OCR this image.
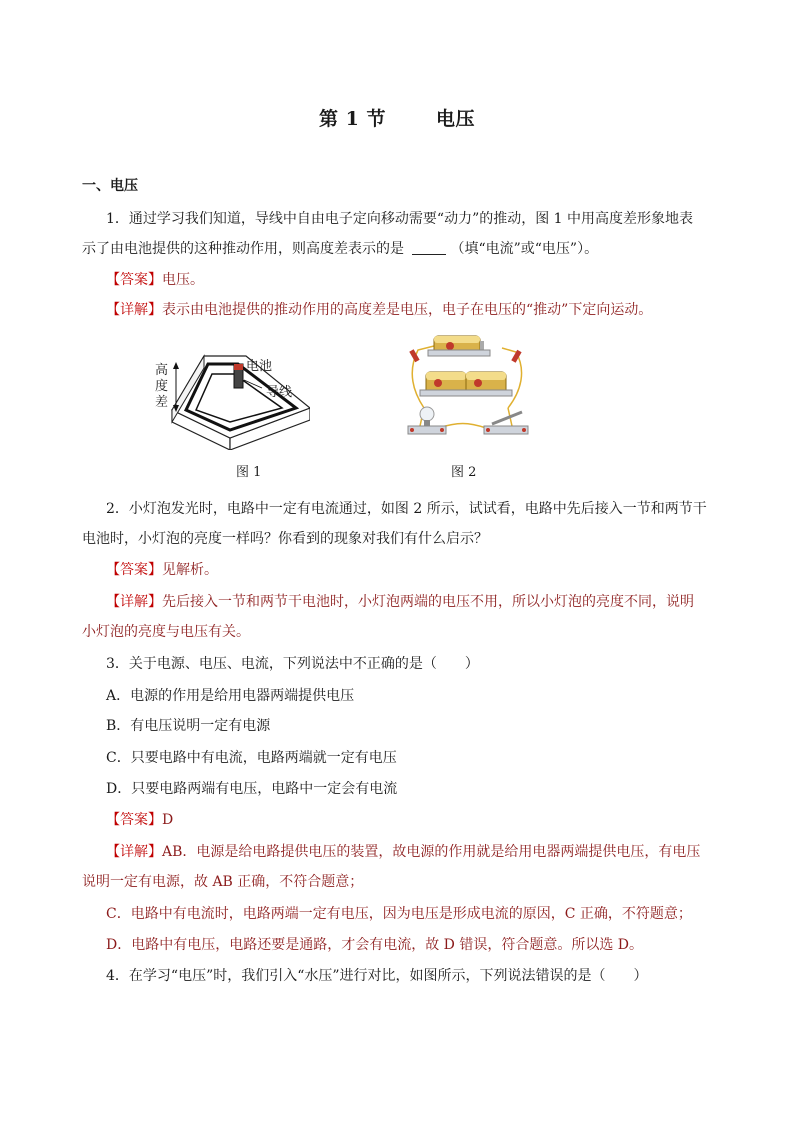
第 1 节	电压
一、电压
1．通过学习我们知道，导线中自由电子定向移动需要“动力”的推动，图 1 中用高度差形象地表
示了由电池提供的这种推动作用，则高度差表示的是	（填“电流”或“电压”）。
【答案】电压。
【详解】表示由电池提供的推动作用的高度差是电压，电子在电压的“推动”下定向运动。
高
度
差
电池
导线
图 1	图 2
2．小灯泡发光时，电路中一定有电流通过，如图 2 所示，试试看，电路中先后接入一节和两节干
电池时，小灯泡的亮度一样吗？你看到的现象对我们有什么启示？
【答案】见解析。
【详解】先后接入一节和两节干电池时，小灯泡两端的电压不用，所以小灯泡的亮度不同，说明
小灯泡的亮度与电压有关。
3．关于电源、电压、电流，下列说法中不正确的是（　　）
A．电源的作用是给用电器两端提供电压
B．有电压说明一定有电源
C．只要电路中有电流，电路两端就一定有电压
D．只要电路两端有电压，电路中一定会有电流
【答案】D
【详解】AB．电源是给电路提供电压的装置，故电源的作用就是给用电器两端提供电压，有电压
说明一定有电源，故 AB 正确，不符合题意；
C．电路中有电流时，电路两端一定有电压，因为电压是形成电流的原因，C 正确，不符题意；
D．电路中有电压，电路还要是通路，才会有电流，故 D 错误，符合题意。所以选 D。
4．在学习“电压”时，我们引入“水压”进行对比，如图所示，下列说法错误的是（　　）
